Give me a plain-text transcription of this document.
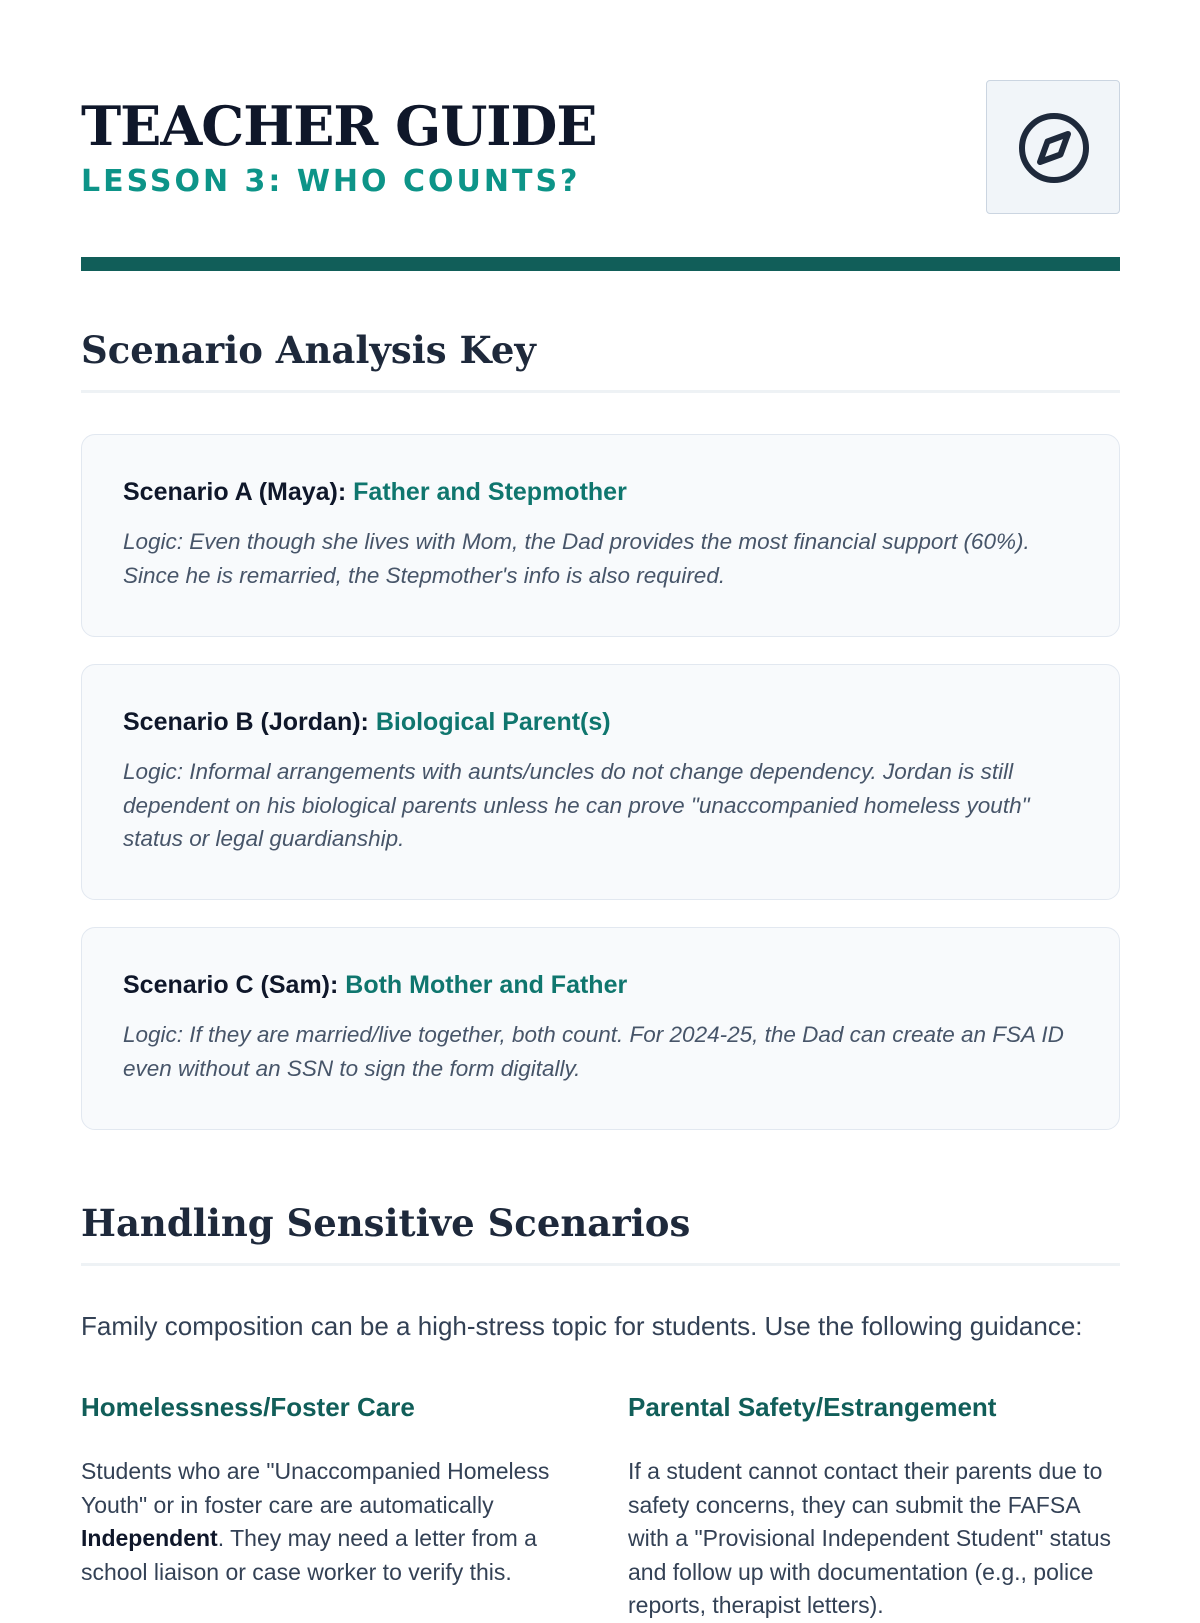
TEACHER GUIDE
LESSON 3: WHO COUNTS?
Scenario Analysis Key
Scenario A (Maya): Father and Stepmother
Logic: Even though she lives with Mom, the Dad provides the most financial support (60%). Since he is remarried, the Stepmother's info is also required.
Scenario B (Jordan): Biological Parent(s)
Logic: Informal arrangements with aunts/uncles do not change dependency. Jordan is still dependent on his biological parents unless he can prove "unaccompanied homeless youth" status or legal guardianship.
Scenario C (Sam): Both Mother and Father
Logic: If they are married/live together, both count. For 2024-25, the Dad can create an FSA ID even without an SSN to sign the form digitally.
Handling Sensitive Scenarios
Family composition can be a high-stress topic for students. Use the following guidance:
Homelessness/Foster Care
Students who are "Unaccompanied Homeless Youth" or in foster care are automatically Independent. They may need a letter from a school liaison or case worker to verify this.
Parental Safety/Estrangement
If a student cannot contact their parents due to safety concerns, they can submit the FAFSA with a "Provisional Independent Student" status and follow up with documentation (e.g., police reports, therapist letters).
